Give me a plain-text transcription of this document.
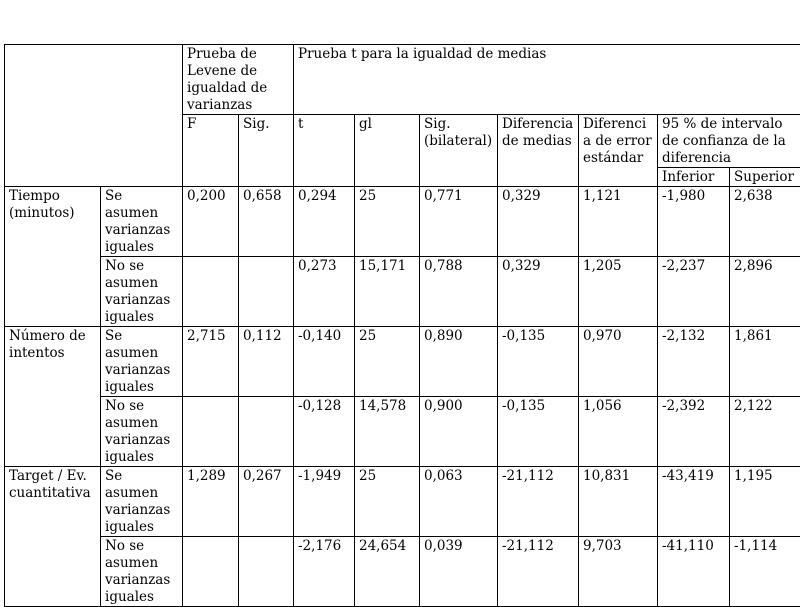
		Prueba de Levene de igualdad de varianzas		Prueba t para la igualdad de medias						
		F	Sig.	t	gl	Sig. (bilateral)	Diferencia de medias	Diferencia de error estándar	95 % de intervalo de confianza de la diferencia	
									Inferior	Superior
Tiempo (minutos)	Se asumen varianzas iguales	0,200	0,658	0,294	25	0,771	0,329	1,121	-1,980	2,638
	No se asumen varianzas iguales			0,273	15,171	0,788	0,329	1,205	-2,237	2,896
Número de intentos	Se asumen varianzas iguales	2,715	0,112	-0,140	25	0,890	-0,135	0,970	-2,132	1,861
	No se asumen varianzas iguales			-0,128	14,578	0,900	-0,135	1,056	-2,392	2,122
Target / Ev. cuantitativa	Se asumen varianzas iguales	1,289	0,267	-1,949	25	0,063	-21,112	10,831	-43,419	1,195
	No se asumen varianzas iguales			-2,176	24,654	0,039	-21,112	9,703	-41,110	-1,114
